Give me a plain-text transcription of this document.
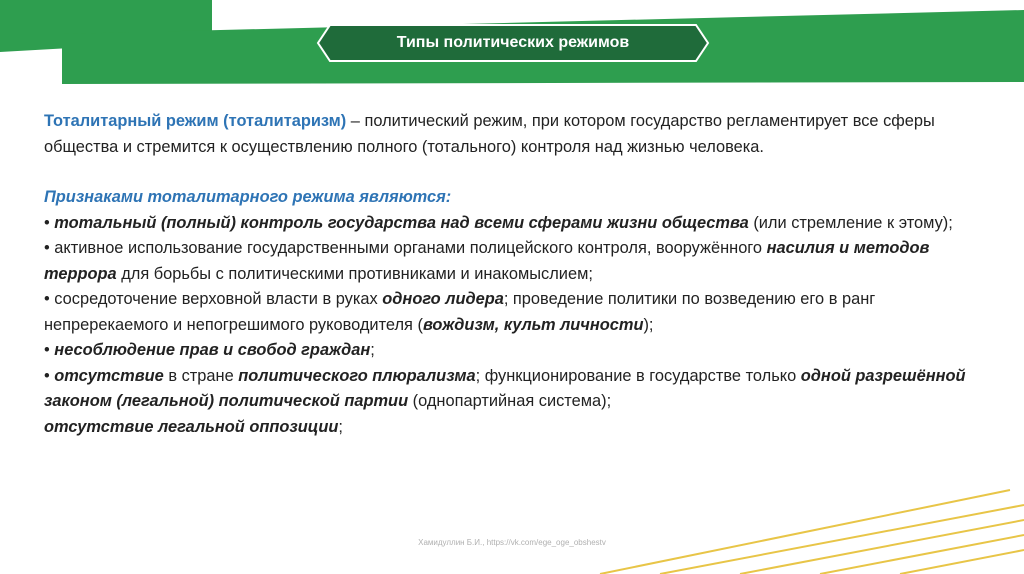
Типы политических режимов

Тоталитарный режим (тоталитаризм) – политический режим, при котором государство регламентирует все сферы общества и стремится к осуществлению полного (тотального) контроля над жизнью человека.

Признаками тоталитарного режима являются:

• тотальный (полный) контроль государства над всеми сферами жизни общества (или стремление к этому);

• активное использование государственными органами полицейского контроля, вооружённого насилия и методов террора для борьбы с политическими противниками и инакомыслием;

• сосредоточение верховной власти в руках одного лидера; проведение политики по возведению его в ранг непререкаемого и непогрешимого руководителя (вождизм, культ личности);

• несоблюдение прав и свобод граждан;

• отсутствие в стране политического плюрализма; функционирование в государстве только одной разрешённой законом (легальной) политической партии (однопартийная система);

отсутствие легальной оппозиции;

Хамидуллин Б.И., https://vk.com/ege_oge_obshestv
